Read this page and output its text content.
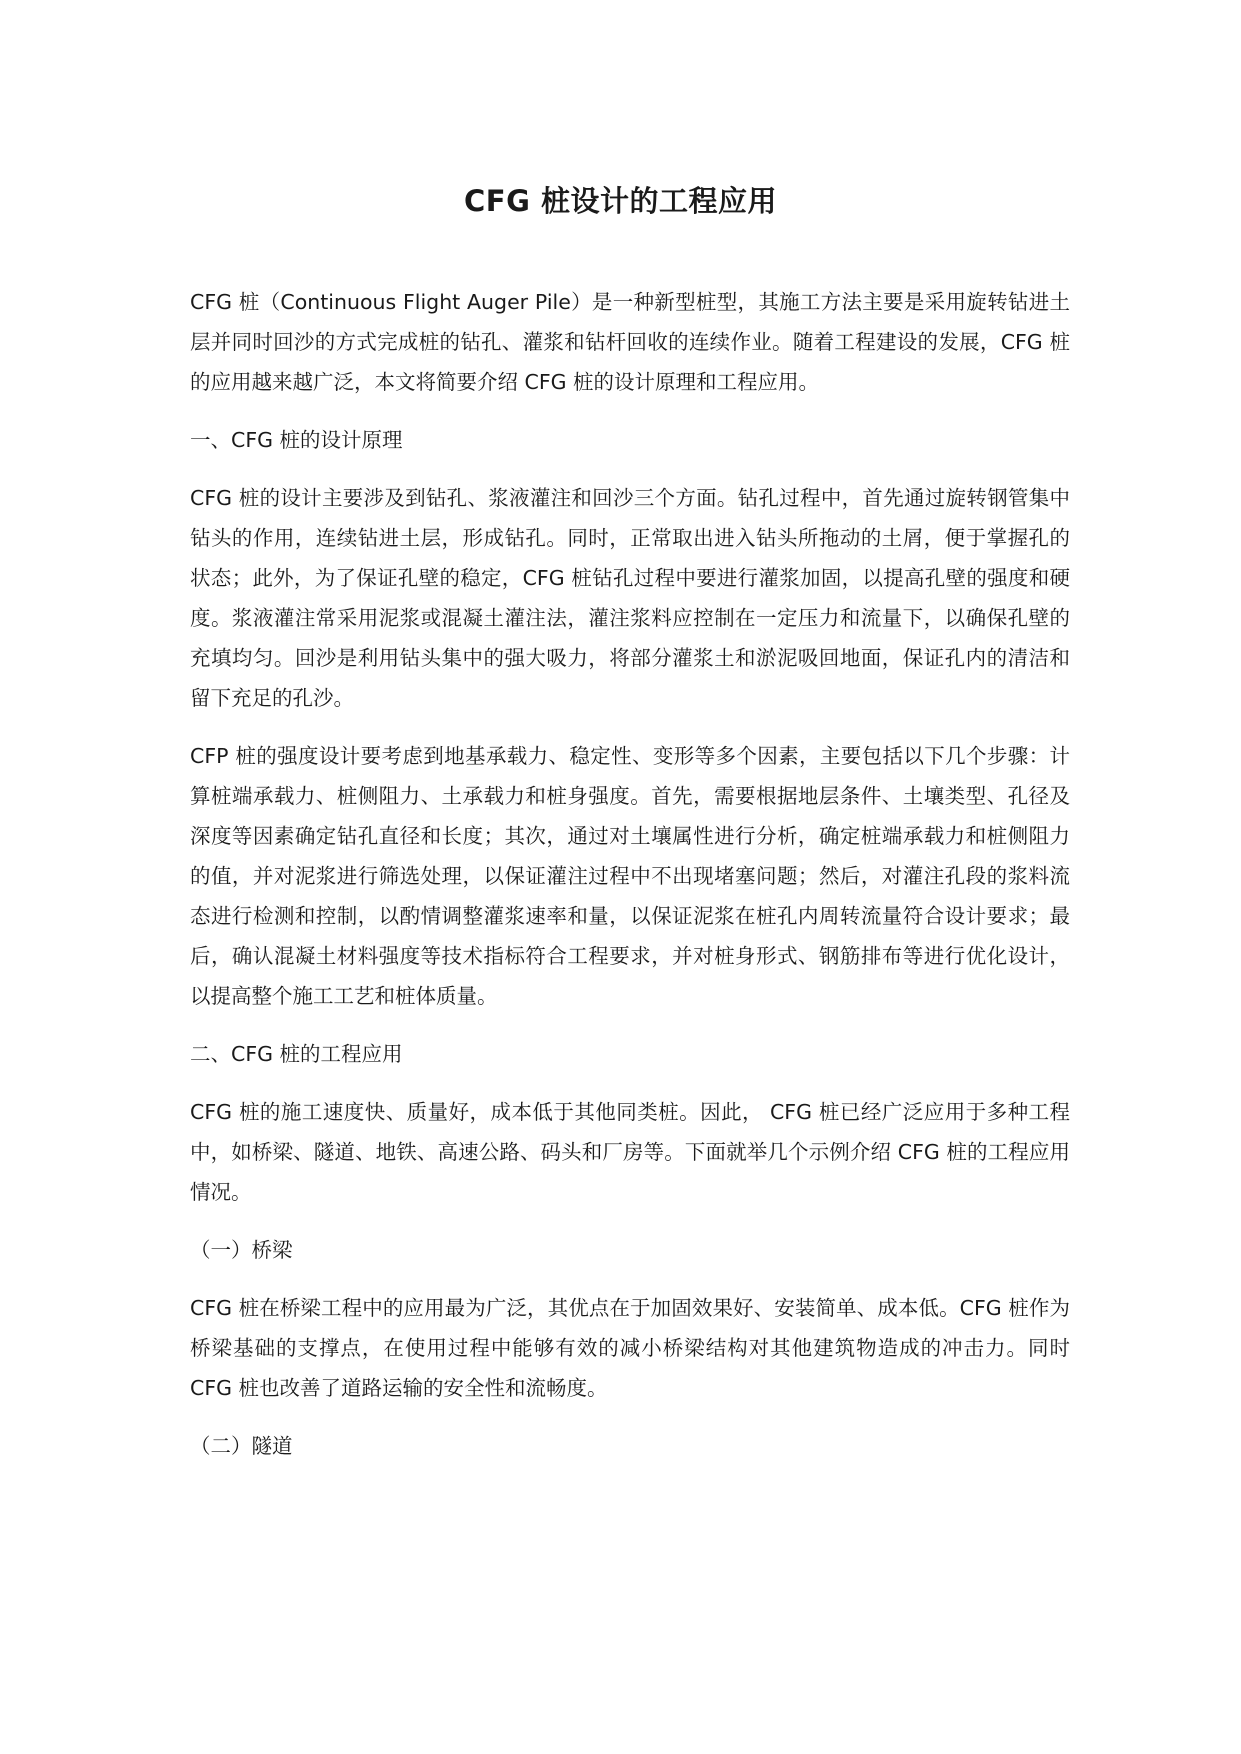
CFG 桩设计的工程应用

CFG 桩（Continuous Flight Auger Pile）是一种新型桩型，其施工方法主要是采用旋转钻进土层并同时回沙的方式完成桩的钻孔、灌浆和钻杆回收的连续作业。随着工程建设的发展，CFG 桩的应用越来越广泛，本文将简要介绍 CFG 桩的设计原理和工程应用。

一、CFG 桩的设计原理

CFG 桩的设计主要涉及到钻孔、浆液灌注和回沙三个方面。钻孔过程中，首先通过旋转钢管集中钻头的作用，连续钻进土层，形成钻孔。同时，正常取出进入钻头所拖动的土屑，便于掌握孔的状态；此外，为了保证孔壁的稳定，CFG 桩钻孔过程中要进行灌浆加固，以提高孔壁的强度和硬度。浆液灌注常采用泥浆或混凝土灌注法，灌注浆料应控制在一定压力和流量下，以确保孔壁的充填均匀。回沙是利用钻头集中的强大吸力，将部分灌浆土和淤泥吸回地面，保证孔内的清洁和留下充足的孔沙。

CFP 桩的强度设计要考虑到地基承载力、稳定性、变形等多个因素，主要包括以下几个步骤：计算桩端承载力、桩侧阻力、土承载力和桩身强度。首先，需要根据地层条件、土壤类型、孔径及深度等因素确定钻孔直径和长度；其次，通过对土壤属性进行分析，确定桩端承载力和桩侧阻力的值，并对泥浆进行筛选处理，以保证灌注过程中不出现堵塞问题；然后，对灌注孔段的浆料流态进行检测和控制，以酌情调整灌浆速率和量，以保证泥浆在桩孔内周转流量符合设计要求；最后，确认混凝土材料强度等技术指标符合工程要求，并对桩身形式、钢筋排布等进行优化设计，以提高整个施工工艺和桩体质量。

二、CFG 桩的工程应用

CFG 桩的施工速度快、质量好，成本低于其他同类桩。因此， CFG 桩已经广泛应用于多种工程中，如桥梁、隧道、地铁、高速公路、码头和厂房等。下面就举几个示例介绍 CFG 桩的工程应用情况。

（一）桥梁

CFG 桩在桥梁工程中的应用最为广泛，其优点在于加固效果好、安装简单、成本低。CFG 桩作为桥梁基础的支撑点，在使用过程中能够有效的减小桥梁结构对其他建筑物造成的冲击力。同时 CFG 桩也改善了道路运输的安全性和流畅度。

（二）隧道
